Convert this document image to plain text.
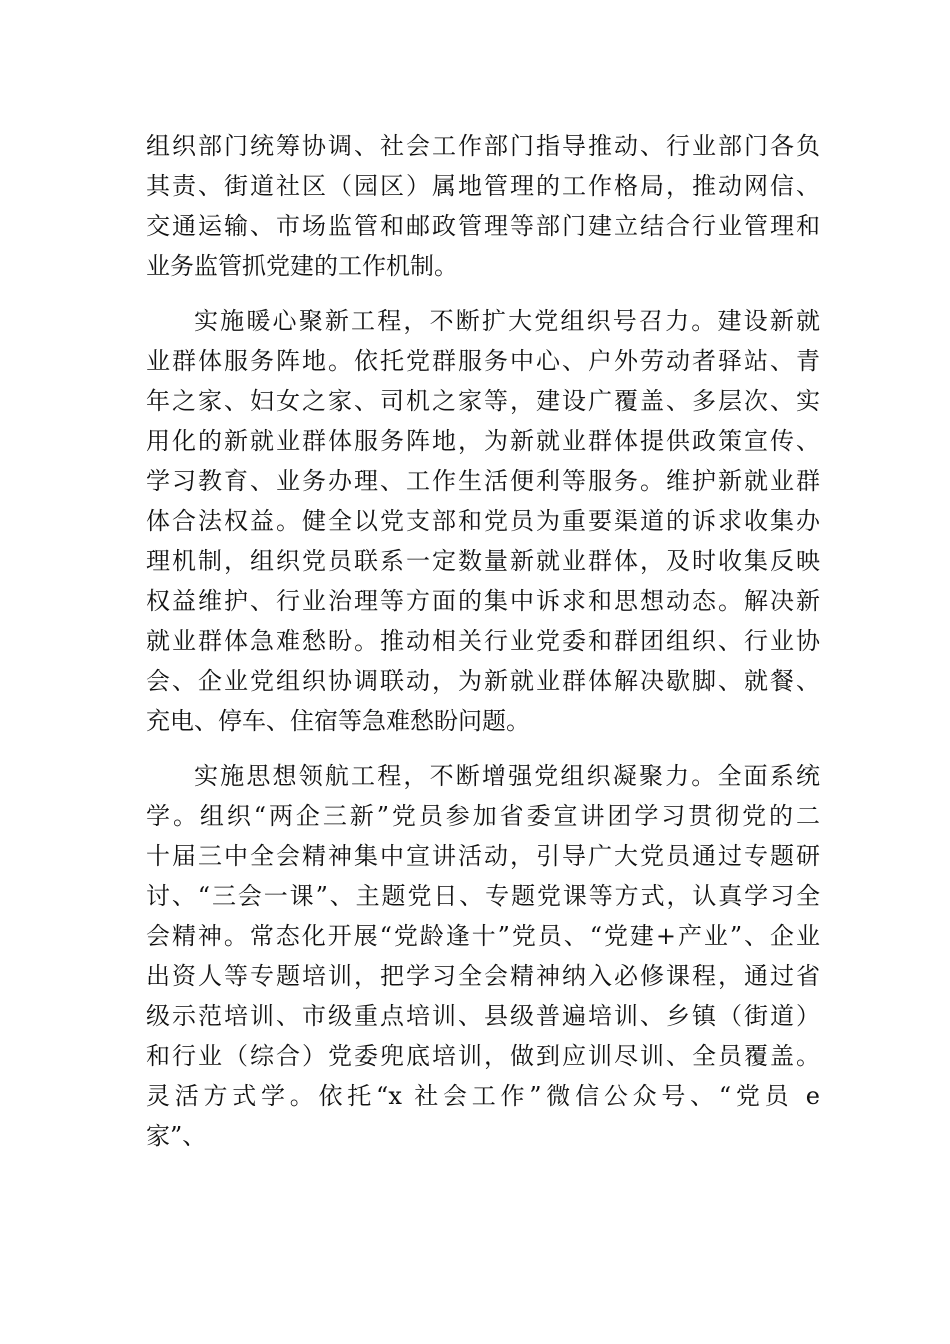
组织部门统筹协调、社会工作部门指导推动、行业部门各负
其责、街道社区（园区）属地管理的工作格局，推动网信、
交通运输、市场监管和邮政管理等部门建立结合行业管理和
业务监管抓党建的工作机制。
实施暖心聚新工程，不断扩大党组织号召力。建设新就
业群体服务阵地。依托党群服务中心、户外劳动者驿站、青
年之家、妇女之家、司机之家等，建设广覆盖、多层次、实
用化的新就业群体服务阵地，为新就业群体提供政策宣传、
学习教育、业务办理、工作生活便利等服务。维护新就业群
体合法权益。健全以党支部和党员为重要渠道的诉求收集办
理机制，组织党员联系一定数量新就业群体，及时收集反映
权益维护、行业治理等方面的集中诉求和思想动态。解决新
就业群体急难愁盼。推动相关行业党委和群团组织、行业协
会、企业党组织协调联动，为新就业群体解决歇脚、就餐、
充电、停车、住宿等急难愁盼问题。
实施思想领航工程，不断增强党组织凝聚力。全面系统
学。组织“两企三新”党员参加省委宣讲团学习贯彻党的二
十届三中全会精神集中宣讲活动，引导广大党员通过专题研
讨、“三会一课”、主题党日、专题党课等方式，认真学习全
会精神。常态化开展“党龄逢十”党员、“党建+产业”、企业
出资人等专题培训，把学习全会精神纳入必修课程，通过省
级示范培训、市级重点培训、县级普遍培训、乡镇（街道）
和行业（综合）党委兜底培训，做到应训尽训、全员覆盖。
灵活方式学。依托“x 社会工作”微信公众号、“党员 e
家”、
